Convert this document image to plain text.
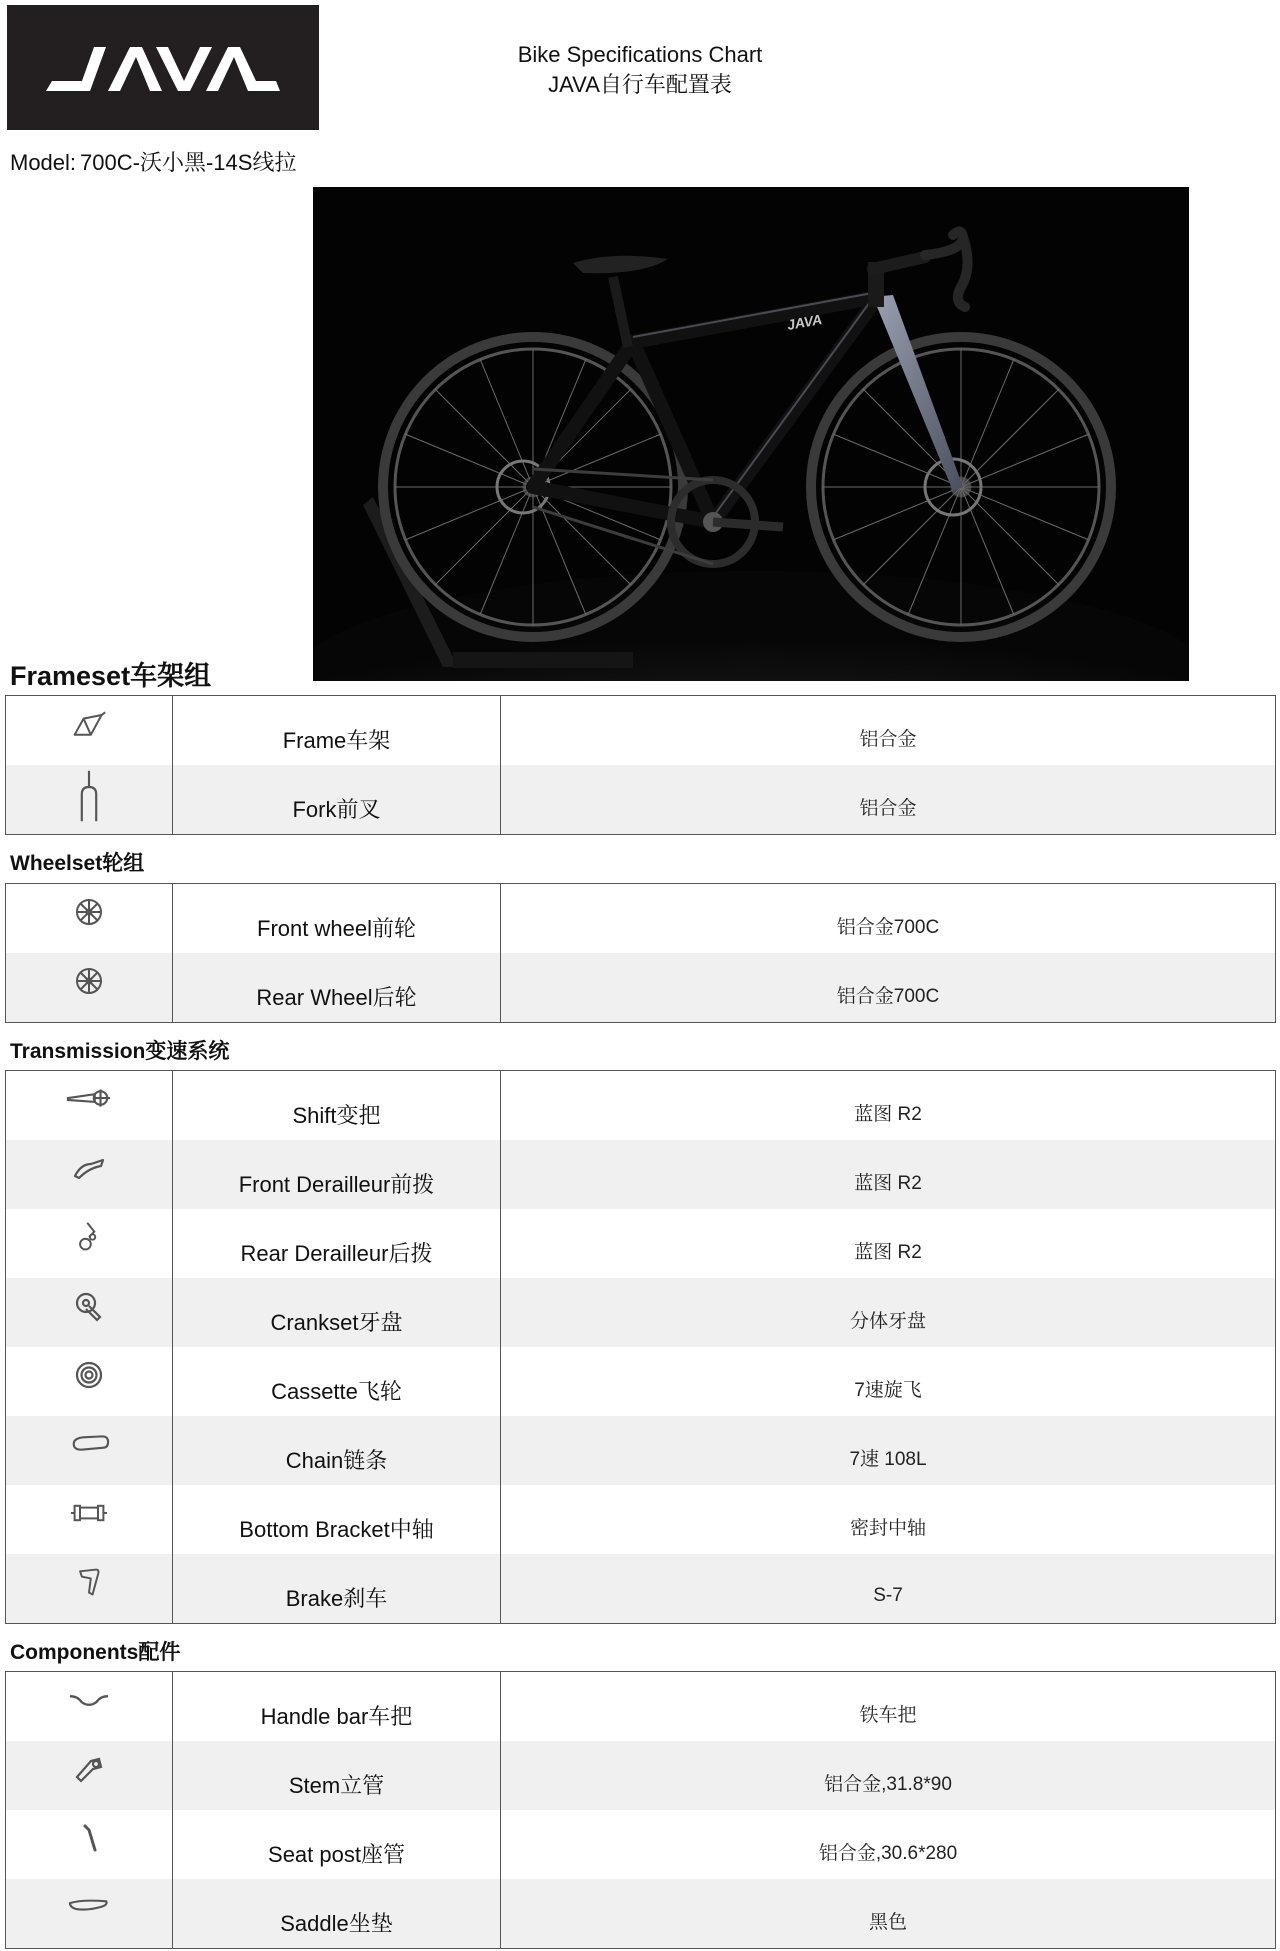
Bike Specifications Chart
JAVA自行车配置表
Model: 700C-沃小黑-14S线拉
JAVA
Frameset车架组
Frame车架	铝合金
Fork前叉	铝合金
Wheelset轮组
Front wheel前轮	铝合金700C
Rear Wheel后轮	铝合金700C
Transmission变速系统
Shift变把	蓝图 R2
Front Derailleur前拨	蓝图 R2
Rear Derailleur后拨	蓝图 R2
Crankset牙盘	分体牙盘
Cassette飞轮	7速旋飞
Chain链条	7速 108L
Bottom Bracket中轴	密封中轴
Brake刹车	S-7
Components配件
Handle bar车把	铁车把
Stem立管	铝合金,31.8*90
Seat post座管	铝合金,30.6*280
Saddle坐垫	黑色
